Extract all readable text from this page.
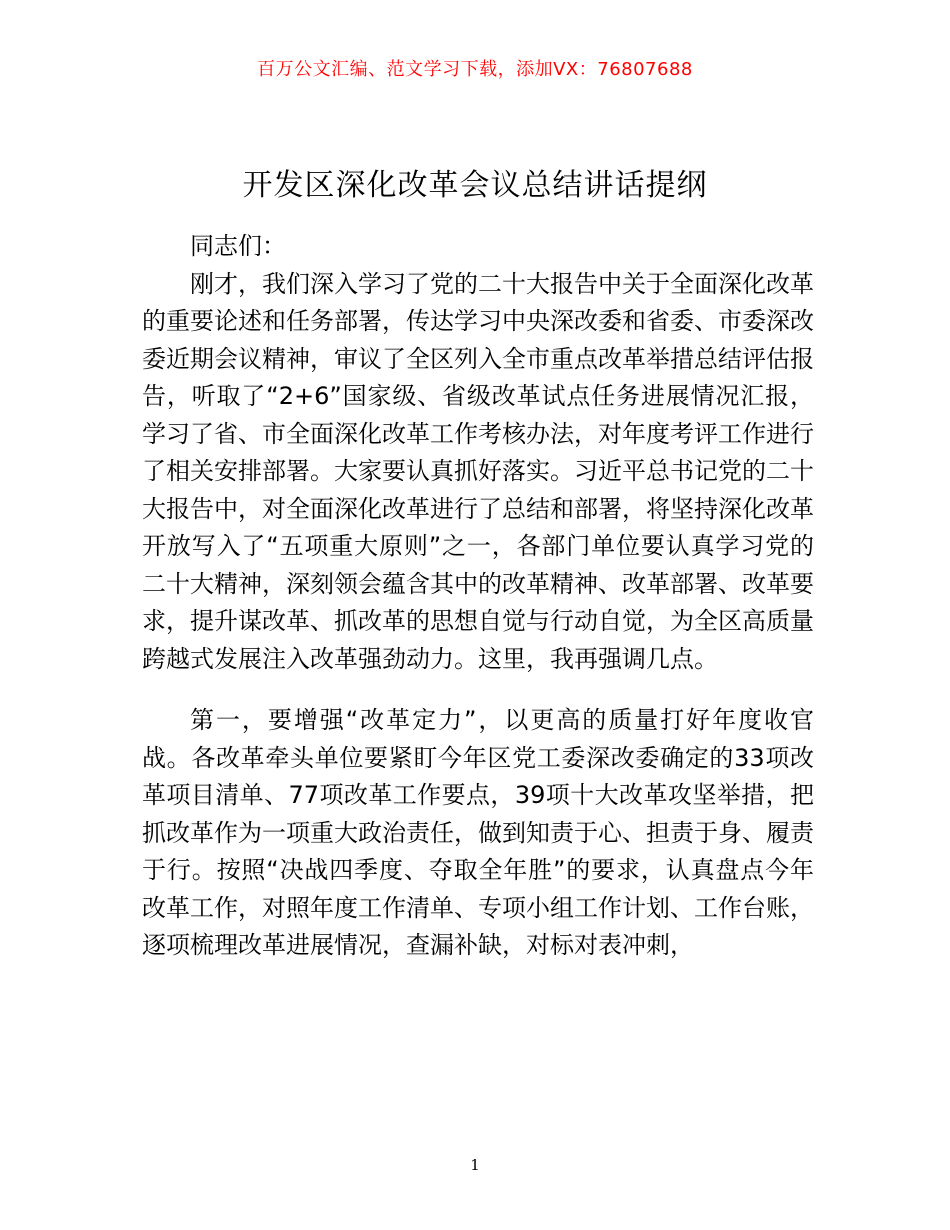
百万公文汇编、范文学习下载，添加VX：76807688
开发区深化改革会议总结讲话提纲

同志们：

刚才，我们深入学习了党的二十大报告中关于全面深化改革的重要论述和任务部署，传达学习中央深改委和省委、市委深改委近期会议精神，审议了全区列入全市重点改革举措总结评估报告，听取了“2+6”国家级、省级改革试点任务进展情况汇报，学习了省、市全面深化改革工作考核办法，对年度考评工作进行了相关安排部署。大家要认真抓好落实。习近平总书记党的二十大报告中，对全面深化改革进行了总结和部署，将坚持深化改革开放写入了“五项重大原则”之一，各部门单位要认真学习党的二十大精神，深刻领会蕴含其中的改革精神、改革部署、改革要求，提升谋改革、抓改革的思想自觉与行动自觉，为全区高质量跨越式发展注入改革强劲动力。这里，我再强调几点。

第一，要增强“改革定力”，以更高的质量打好年度收官战。各改革牵头单位要紧盯今年区党工委深改委确定的33项改革项目清单、77项改革工作要点，39项十大改革攻坚举措，把抓改革作为一项重大政治责任，做到知责于心、担责于身、履责于行。按照“决战四季度、夺取全年胜”的要求，认真盘点今年改革工作，对照年度工作清单、专项小组工作计划、工作台账，逐项梳理改革进展情况，查漏补缺，对标对表冲刺，

1
